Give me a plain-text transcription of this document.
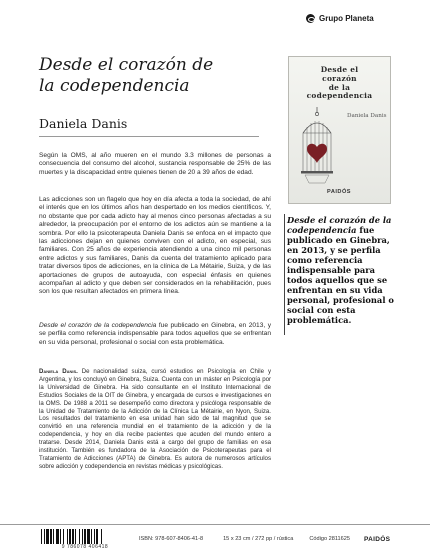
Grupo Planeta
Desde el corazón de
la codependencia
Daniela Danis

Según la OMS, al año mueren en el mundo 3.3 millones de personas a consecuencia del consumo del alcohol, sustancia responsable de 25% de las muertes y la discapacidad entre quienes tienen de 20 a 39 años de edad.

Las adicciones son un flagelo que hoy en día afecta a toda la sociedad, de ahí el interés que en los últimos años han despertado en los medios científicos. Y, no obstante que por cada adicto hay al menos cinco personas afectadas a su alrededor, la preocupación por el entorno de los adictos aún se mantiene a la sombra. Por ello la psicoterapeuta Daniela Danis se enfoca en el impacto que las adicciones dejan en quienes conviven con el adicto, en especial, sus familiares. Con 25 años de experiencia atendiendo a una cinco mil personas entre adictos y sus familiares, Danis da cuenta del tratamiento aplicado para tratar diversos tipos de adicciones, en la clínica de La Métairie, Suiza, y de las aportaciones de grupos de autoayuda, con especial énfasis en quienes acompañan al adicto y que deben ser considerados en la rehabilitación, pues son los que resultan afectados en primera línea.

Desde el corazón de la codependencia fue publicado en Ginebra, en 2013, y se perfila como referencia indispensable para todos aquellos que se enfrentan en su vida personal, profesional o social con esta problemática.

Daniela Danis. De nacionalidad suiza, cursó estudios en Psicología en Chile y Argentina, y los concluyó en Ginebra, Suiza. Cuenta con un máster en Psicología por la Universidad de Ginebra. Ha sido consultante en el Instituto Internacional de Estudios Sociales de la OIT de Ginebra, y encargada de cursos e investigaciones en la OMS. De 1988 a 2011 se desempeñó como directora y psicóloga responsable de la Unidad de Tratamiento de la Adicción de la Clínica La Métairie, en Nyon, Suiza. Los resultados del tratamiento en esa unidad han sido de tal magnitud que se convirtió en una referencia mundial en el tratamiento de la adicción y de la codependencia, y hoy en día recibe pacientes que acuden del mundo entero a tratarse. Desde 2014, Daniela Danis está a cargo del grupo de familias en esa institución. También es fundadora de la Asociación de Psicoterapeutas para el Tratamiento de Adicciones (APTA) de Ginebra. Es autora de numerosos artículos sobre adicción y codependencia en revistas médicas y psicológicas.

Desde el
corazón
de la
codependencia
Daniela Danis
PAIDÓS

Desde el corazón de la codependencia fue publicado en Ginebra, en 2013, y se perfila como referencia indispensable para todos aquellos que se enfrentan en su vida personal, profesional o social con esta problemática.

9 786078 406418
ISBN: 978-607-8406-41-8	15 x 23 cm / 272 pp / rústica	Código 2811625 PAIDÓS
